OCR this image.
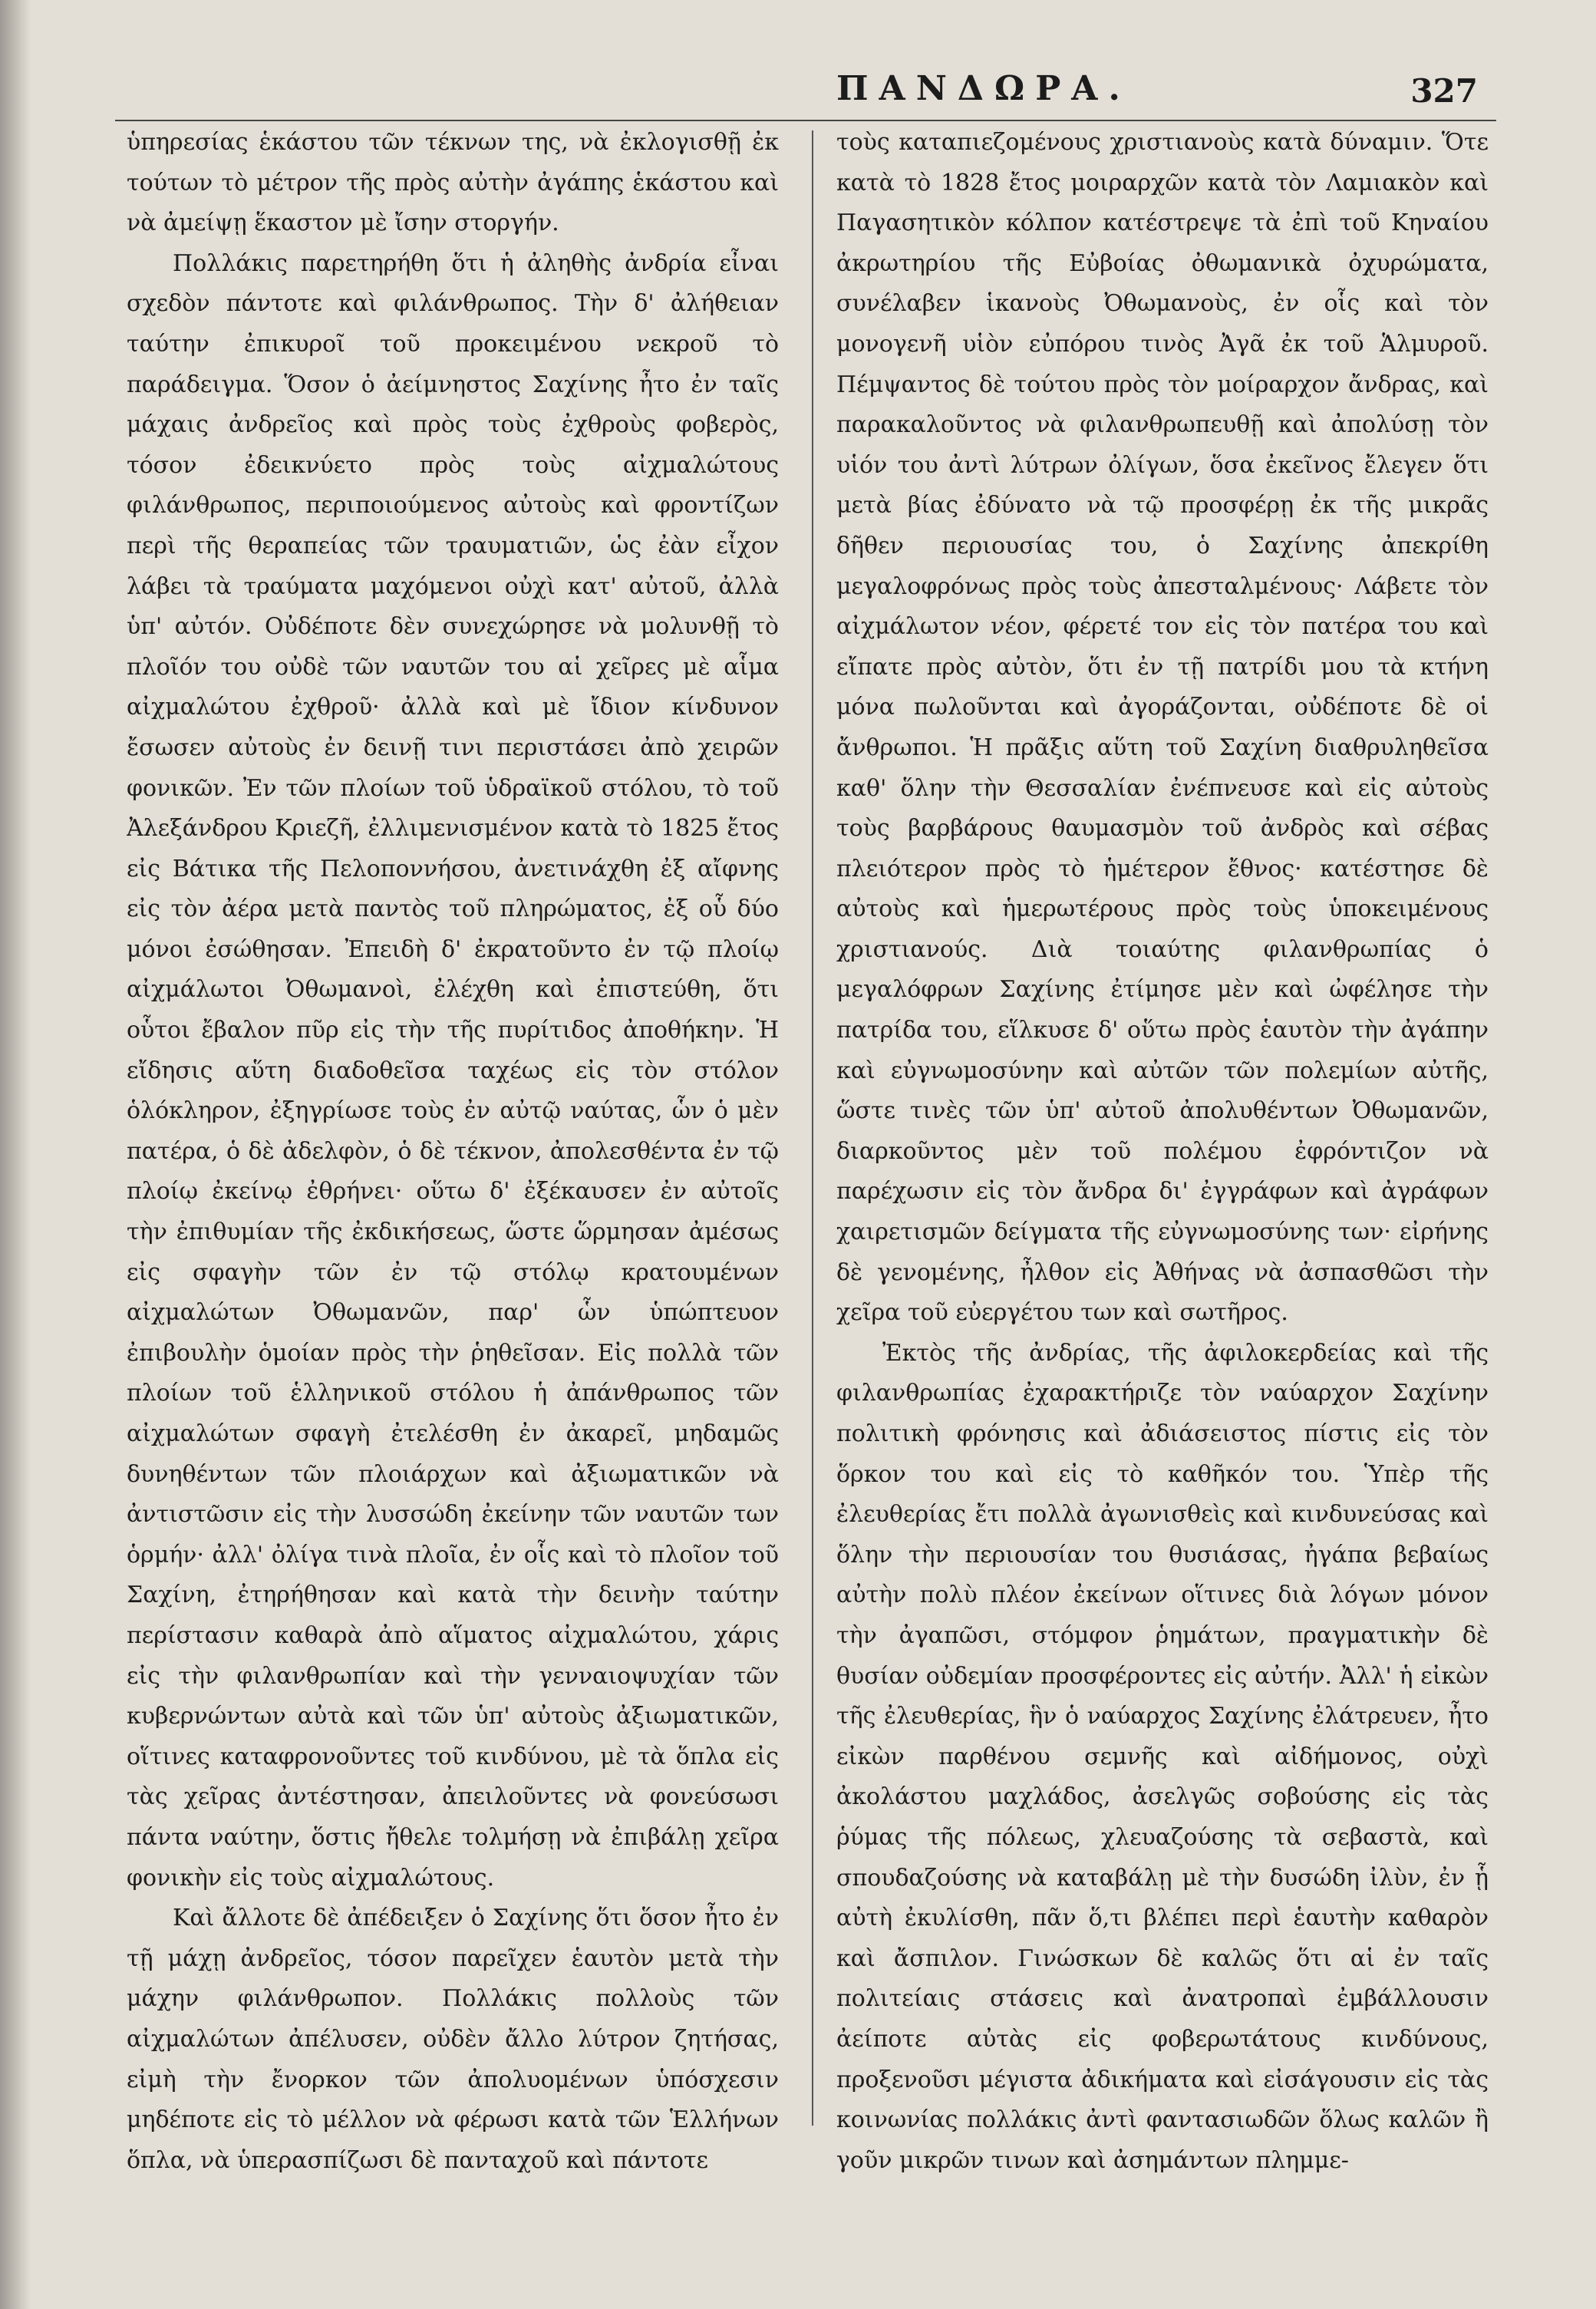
ΠΑΝΔΩΡΑ.	327

ὑπηρεσίας ἑκάστου τῶν τέκνων της, νὰ ἐκλογισθῇ ἐκ τούτων τὸ μέτρον τῆς πρὸς αὐτὴν ἀγάπης ἑκάστου καὶ νὰ ἀμείψῃ ἕκαστον μὲ ἴσην στοργήν.

Πολλάκις παρετηρήθη ὅτι ἡ ἀληθὴς ἀνδρία εἶναι σχεδὸν πάντοτε καὶ φιλάνθρωπος. Τὴν δ' ἀλήθειαν ταύτην ἐπικυροῖ τοῦ προκειμένου νεκροῦ τὸ παράδειγμα. Ὅσον ὁ ἀείμνηστος Σαχίνης ἦτο ἐν ταῖς μάχαις ἀνδρεῖος καὶ πρὸς τοὺς ἐχθροὺς φοβερὸς, τόσον ἐδεικνύετο πρὸς τοὺς αἰχμαλώτους φιλάνθρωπος, περιποιούμενος αὐτοὺς καὶ φροντίζων περὶ τῆς θεραπείας τῶν τραυματιῶν, ὡς ἐὰν εἶχον λάβει τὰ τραύματα μαχόμενοι οὐχὶ κατ' αὐτοῦ, ἀλλὰ ὑπ' αὐτόν. Οὐδέποτε δὲν συνεχώρησε νὰ μολυνθῇ τὸ πλοῖόν του οὐδὲ τῶν ναυτῶν του αἱ χεῖρες μὲ αἷμα αἰχμαλώτου ἐχθροῦ· ἀλλὰ καὶ μὲ ἴδιον κίνδυνον ἔσωσεν αὐτοὺς ἐν δεινῇ τινι περιστάσει ἀπὸ χειρῶν φονικῶν. Ἐν τῶν πλοίων τοῦ ὑδραϊκοῦ στόλου, τὸ τοῦ Ἀλεξάνδρου Κριεζῆ, ἐλλιμενισμένον κατὰ τὸ 1825 ἔτος εἰς Βάτικα τῆς Πελοποννήσου, ἀνετινάχθη ἐξ αἴφνης εἰς τὸν ἀέρα μετὰ παντὸς τοῦ πληρώματος, ἐξ οὗ δύο μόνοι ἐσώθησαν. Ἐπειδὴ δ' ἐκρατοῦντο ἐν τῷ πλοίῳ αἰχμάλωτοι Ὀθωμανοὶ, ἐλέχθη καὶ ἐπιστεύθη, ὅτι οὗτοι ἔβαλον πῦρ εἰς τὴν τῆς πυρίτιδος ἀποθήκην. Ἡ εἴδησις αὕτη διαδοθεῖσα ταχέως εἰς τὸν στόλον ὁλόκληρον, ἐξηγρίωσε τοὺς ἐν αὐτῷ ναύτας, ὧν ὁ μὲν πατέρα, ὁ δὲ ἀδελφὸν, ὁ δὲ τέκνον, ἀπολεσθέντα ἐν τῷ πλοίῳ ἐκείνῳ ἐθρήνει· οὕτω δ' ἐξέκαυσεν ἐν αὐτοῖς τὴν ἐπιθυμίαν τῆς ἐκδικήσεως, ὥστε ὥρμησαν ἀμέσως εἰς σφαγὴν τῶν ἐν τῷ στόλῳ κρατουμένων αἰχμαλώτων Ὀθωμανῶν, παρ' ὧν ὑπώπτευον ἐπιβουλὴν ὁμοίαν πρὸς τὴν ῥηθεῖσαν. Εἰς πολλὰ τῶν πλοίων τοῦ ἑλληνικοῦ στόλου ἡ ἀπάνθρωπος τῶν αἰχμαλώτων σφαγὴ ἐτελέσθη ἐν ἀκαρεῖ, μηδαμῶς δυνηθέντων τῶν πλοιάρχων καὶ ἀξιωματικῶν νὰ ἀντιστῶσιν εἰς τὴν λυσσώδη ἐκείνην τῶν ναυτῶν των ὁρμήν· ἀλλ' ὀλίγα τινὰ πλοῖα, ἐν οἷς καὶ τὸ πλοῖον τοῦ Σαχίνη, ἐτηρήθησαν καὶ κατὰ τὴν δεινὴν ταύτην περίστασιν καθαρὰ ἀπὸ αἵματος αἰχμαλώτου, χάρις εἰς τὴν φιλανθρωπίαν καὶ τὴν γενναιοψυχίαν τῶν κυβερνώντων αὐτὰ καὶ τῶν ὑπ' αὐτοὺς ἀξιωματικῶν, οἵτινες καταφρονοῦντες τοῦ κινδύνου, μὲ τὰ ὅπλα εἰς τὰς χεῖρας ἀντέστησαν, ἀπειλοῦντες νὰ φονεύσωσι πάντα ναύτην, ὅστις ἤθελε τολμήσῃ νὰ ἐπιβάλῃ χεῖρα φονικὴν εἰς τοὺς αἰχμαλώτους.

Καὶ ἄλλοτε δὲ ἀπέδειξεν ὁ Σαχίνης ὅτι ὅσον ἦτο ἐν τῇ μάχῃ ἀνδρεῖος, τόσον παρεῖχεν ἑαυτὸν μετὰ τὴν μάχην φιλάνθρωπον. Πολλάκις πολλοὺς τῶν αἰχμαλώτων ἀπέλυσεν, οὐδὲν ἄλλο λύτρον ζητήσας, εἰμὴ τὴν ἔνορκον τῶν ἀπολυομένων ὑπόσχεσιν μηδέποτε εἰς τὸ μέλλον νὰ φέρωσι κατὰ τῶν Ἑλλήνων ὅπλα, νὰ ὑπερασπίζωσι δὲ πανταχοῦ καὶ πάντοτε

τοὺς καταπιεζομένους χριστιανοὺς κατὰ δύναμιν. Ὅτε κατὰ τὸ 1828 ἔτος μοιραρχῶν κατὰ τὸν Λαμιακὸν καὶ Παγασητικὸν κόλπον κατέστρεψε τὰ ἐπὶ τοῦ Κηναίου ἀκρωτηρίου τῆς Εὐβοίας ὀθωμανικὰ ὀχυρώματα, συνέλαβεν ἱκανοὺς Ὀθωμανοὺς, ἐν οἷς καὶ τὸν μονογενῆ υἱὸν εὐπόρου τινὸς Ἀγᾶ ἐκ τοῦ Ἁλμυροῦ. Πέμψαντος δὲ τούτου πρὸς τὸν μοίραρχον ἄνδρας, καὶ παρακαλοῦντος νὰ φιλανθρωπευθῇ καὶ ἀπολύσῃ τὸν υἱόν του ἀντὶ λύτρων ὀλίγων, ὅσα ἐκεῖνος ἔλεγεν ὅτι μετὰ βίας ἐδύνατο νὰ τῷ προσφέρῃ ἐκ τῆς μικρᾶς δῆθεν περιουσίας του, ὁ Σαχίνης ἀπεκρίθη μεγαλοφρόνως πρὸς τοὺς ἀπεσταλμένους· Λάβετε τὸν αἰχμάλωτον νέον, φέρετέ τον εἰς τὸν πατέρα του καὶ εἴπατε πρὸς αὐτὸν, ὅτι ἐν τῇ πατρίδι μου τὰ κτήνη μόνα πωλοῦνται καὶ ἀγοράζονται, οὐδέποτε δὲ οἱ ἄνθρωποι. Ἡ πρᾶξις αὕτη τοῦ Σαχίνη διαθρυληθεῖσα καθ' ὅλην τὴν Θεσσαλίαν ἐνέπνευσε καὶ εἰς αὐτοὺς τοὺς βαρβάρους θαυμασμὸν τοῦ ἀνδρὸς καὶ σέβας πλειότερον πρὸς τὸ ἡμέτερον ἔθνος· κατέστησε δὲ αὐτοὺς καὶ ἡμερωτέρους πρὸς τοὺς ὑποκειμένους χριστιανούς. Διὰ τοιαύτης φιλανθρωπίας ὁ μεγαλόφρων Σαχίνης ἐτίμησε μὲν καὶ ὠφέλησε τὴν πατρίδα του, εἵλκυσε δ' οὕτω πρὸς ἑαυτὸν τὴν ἀγάπην καὶ εὐγνωμοσύνην καὶ αὐτῶν τῶν πολεμίων αὐτῆς, ὥστε τινὲς τῶν ὑπ' αὐτοῦ ἀπολυθέντων Ὀθωμανῶν, διαρκοῦντος μὲν τοῦ πολέμου ἐφρόντιζον νὰ παρέχωσιν εἰς τὸν ἄνδρα δι' ἐγγράφων καὶ ἀγράφων χαιρετισμῶν δείγματα τῆς εὐγνωμοσύνης των· εἰρήνης δὲ γενομένης, ἦλθον εἰς Ἀθήνας νὰ ἀσπασθῶσι τὴν χεῖρα τοῦ εὐεργέτου των καὶ σωτῆρος.

Ἐκτὸς τῆς ἀνδρίας, τῆς ἀφιλοκερδείας καὶ τῆς φιλανθρωπίας ἐχαρακτήριζε τὸν ναύαρχον Σαχίνην πολιτικὴ φρόνησις καὶ ἀδιάσειστος πίστις εἰς τὸν ὅρκον του καὶ εἰς τὸ καθῆκόν του. Ὑπὲρ τῆς ἐλευθερίας ἔτι πολλὰ ἀγωνισθεὶς καὶ κινδυνεύσας καὶ ὅλην τὴν περιουσίαν του θυσιάσας, ἠγάπα βεβαίως αὐτὴν πολὺ πλέον ἐκείνων οἵτινες διὰ λόγων μόνον τὴν ἀγαπῶσι, στόμφον ῥημάτων, πραγματικὴν δὲ θυσίαν οὐδεμίαν προσφέροντες εἰς αὐτήν. Ἀλλ' ἡ εἰκὼν τῆς ἐλευθερίας, ἣν ὁ ναύαρχος Σαχίνης ἐλάτρευεν, ἦτο εἰκὼν παρθένου σεμνῆς καὶ αἰδήμονος, οὐχὶ ἀκολάστου μαχλάδος, ἀσελγῶς σοβούσης εἰς τὰς ῥύμας τῆς πόλεως, χλευαζούσης τὰ σεβαστὰ, καὶ σπουδαζούσης νὰ καταβάλῃ μὲ τὴν δυσώδη ἰλὺν, ἐν ᾗ αὐτὴ ἐκυλίσθη, πᾶν ὅ,τι βλέπει περὶ ἑαυτὴν καθαρὸν καὶ ἄσπιλον. Γινώσκων δὲ καλῶς ὅτι αἱ ἐν ταῖς πολιτείαις στάσεις καὶ ἀνατροπαὶ ἐμβάλλουσιν ἀείποτε αὐτὰς εἰς φοβερωτάτους κινδύνους, προξενοῦσι μέγιστα ἀδικήματα καὶ εἰσάγουσιν εἰς τὰς κοινωνίας πολλάκις ἀντὶ φαντασιωδῶν ὅλως καλῶν ἢ γοῦν μικρῶν τινων καὶ ἀσημάντων πλημμε-
